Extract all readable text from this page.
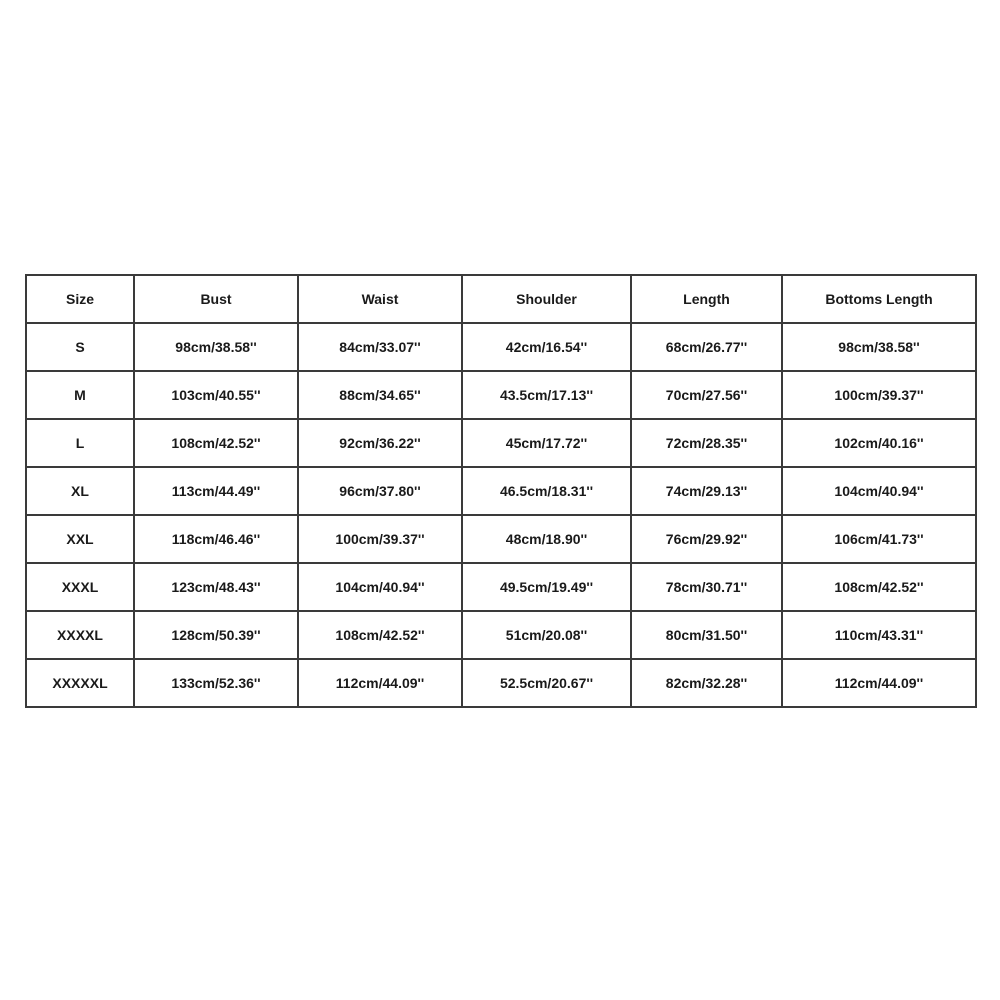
Size	Bust	Waist	Shoulder	Length	Bottoms Length
S	98cm/38.58''	84cm/33.07''	42cm/16.54''	68cm/26.77''	98cm/38.58''
M	103cm/40.55''	88cm/34.65''	43.5cm/17.13''	70cm/27.56''	100cm/39.37''
L	108cm/42.52''	92cm/36.22''	45cm/17.72''	72cm/28.35''	102cm/40.16''
XL	113cm/44.49''	96cm/37.80''	46.5cm/18.31''	74cm/29.13''	104cm/40.94''
XXL	118cm/46.46''	100cm/39.37''	48cm/18.90''	76cm/29.92''	106cm/41.73''
XXXL	123cm/48.43''	104cm/40.94''	49.5cm/19.49''	78cm/30.71''	108cm/42.52''
XXXXL	128cm/50.39''	108cm/42.52''	51cm/20.08''	80cm/31.50''	110cm/43.31''
XXXXXL	133cm/52.36''	112cm/44.09''	52.5cm/20.67''	82cm/32.28''	112cm/44.09''
